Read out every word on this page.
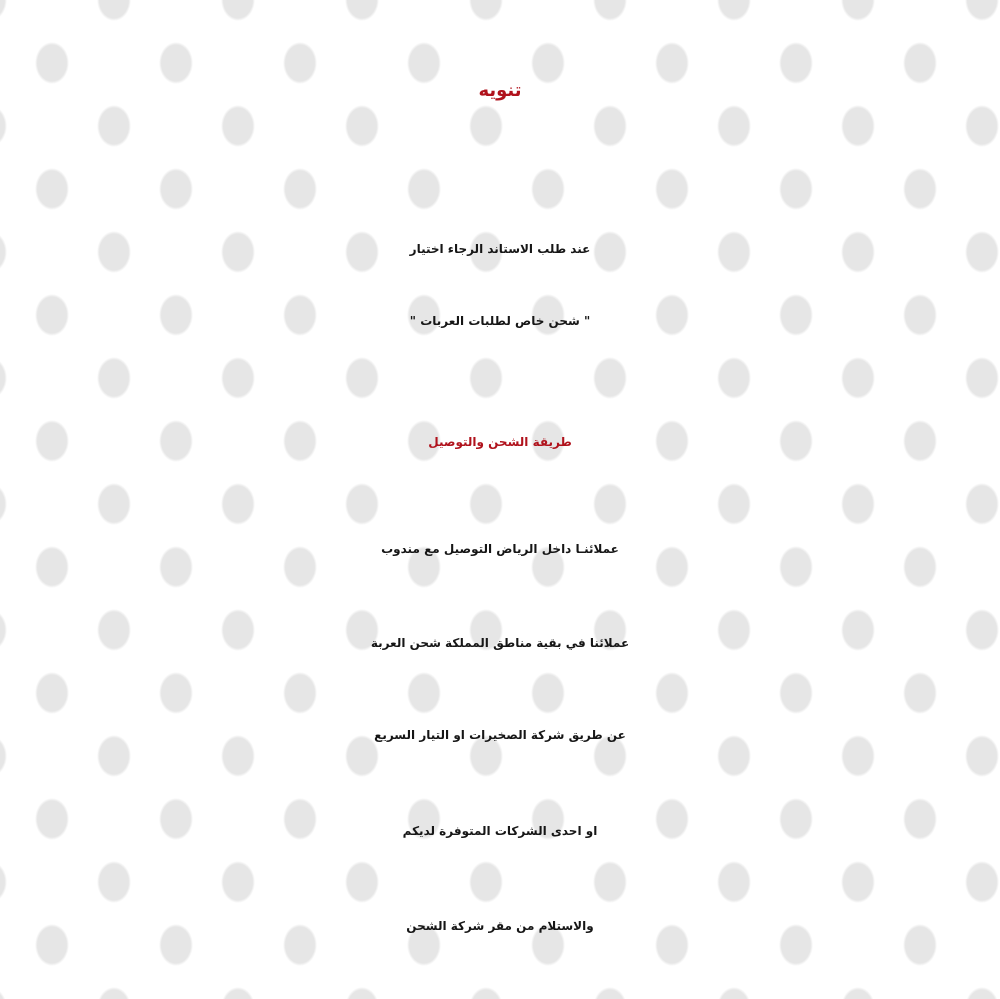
تنويه
عند طلب الاستاند الرجاء اختيار
" شحن خاص لطلبات العربات "
طريقة الشحن والتوصيل
عملائنـا داخل الرياض التوصيل مع مندوب
عملائنا في بقية مناطق المملكة شحن العربة
عن طريق شركة الصخيرات او التيار السريع
او احدى الشركات المتوفرة لديكم
والاستلام من مقر شركة الشحن
